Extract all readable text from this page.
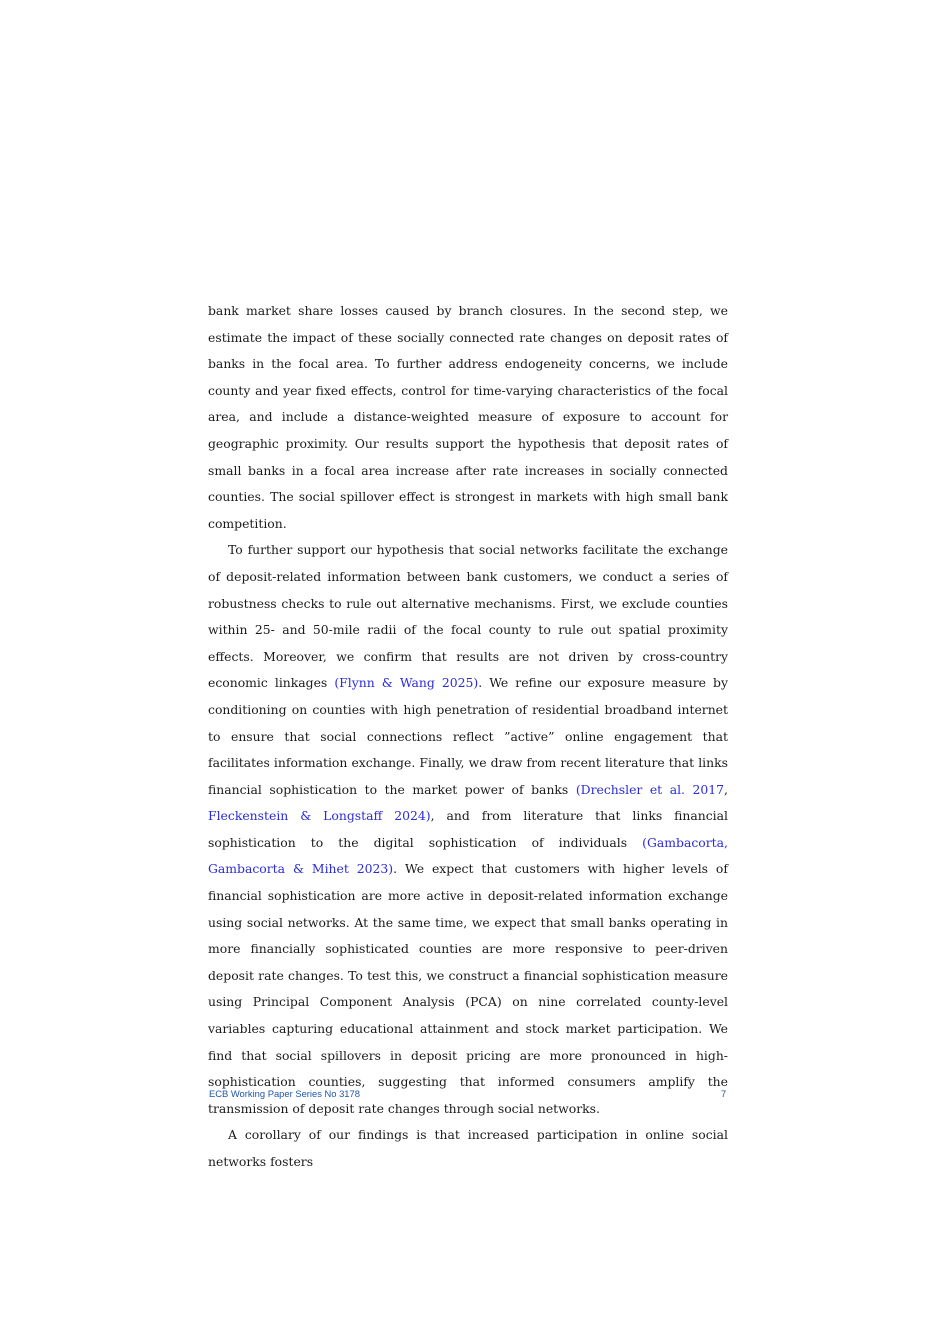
bank market share losses caused by branch closures. In the second step, we estimate the impact of these socially connected rate changes on deposit rates of banks in the focal area. To further address endogeneity concerns, we include county and year fixed effects, control for time-varying characteristics of the focal area, and include a distance-weighted measure of exposure to account for geographic proximity. Our results support the hypothesis that deposit rates of small banks in a focal area increase after rate increases in socially connected counties. The social spillover effect is strongest in markets with high small bank competition.

To further support our hypothesis that social networks facilitate the exchange of deposit-related information between bank customers, we conduct a series of robustness checks to rule out alternative mechanisms. First, we exclude counties within 25- and 50-mile radii of the focal county to rule out spatial proximity effects. Moreover, we confirm that results are not driven by cross-country economic linkages (Flynn & Wang 2025). We refine our exposure measure by conditioning on counties with high penetration of residential broadband internet to ensure that social connections reflect ”active” online engagement that facilitates information exchange. Finally, we draw from recent literature that links financial sophistication to the market power of banks (Drechsler et al. 2017, Fleckenstein & Longstaff 2024), and from literature that links financial sophistication to the digital sophistication of individuals (Gambacorta, Gambacorta & Mihet 2023). We expect that customers with higher levels of financial sophistication are more active in deposit-related information exchange using social networks. At the same time, we expect that small banks operating in more financially sophisticated counties are more responsive to peer-driven deposit rate changes. To test this, we construct a financial sophistication measure using Principal Component Analysis (PCA) on nine correlated county-level variables capturing educational attainment and stock market participation. We find that social spillovers in deposit pricing are more pronounced in high-sophistication counties, suggesting that informed consumers amplify the transmission of deposit rate changes through social networks.

A corollary of our findings is that increased participation in online social networks fosters

ECB Working Paper Series No 3178	7
